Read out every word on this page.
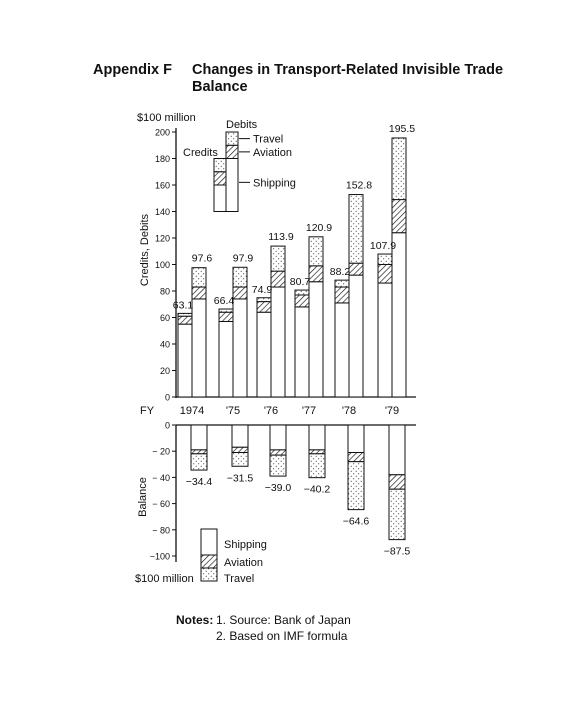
Appendix F Changes in Transport-Related Invisible Trade Balance
0
20
40
60
80
100
120
140
160
180
200
$100 million
Credits, Debits
63.1
97.6
1974
66.4
97.9
'75
74.9
113.9
'76
80.7
120.9
'77
88.2
152.8
'78
107.9
195.5
'79
FY
Debits
Credits
Travel
Aviation
Shipping
0
− 20
− 40
− 60
− 80
−100
Balance
$100 million
−34.4 −31.5
−39.0 −40.2
−64.6
−87.5
Shipping
Aviation
Travel
Notes: 1. Source: Bank of Japan
2. Based on IMF formula
